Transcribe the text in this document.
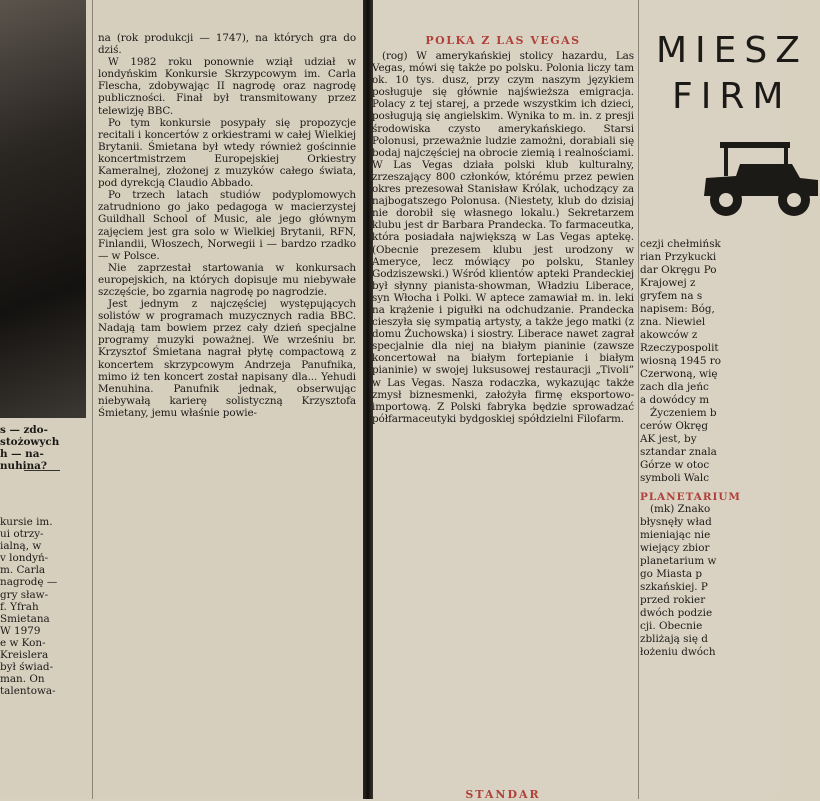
s — zdo-
stożowych
h — na-
nuhina?
kursie im.
ui otrzy-
ialną, w
v londyń-
m. Carla
nagrodę —
gry sław-
f. Yfrah
Smietana
W 1979
e w Kon-
Kreislera
był świad-
man. On
talentowa-

na (rok produkcji — 1747), na których gra do dziś.

W 1982 roku ponownie wziął udział w londyńskim Konkursie Skrzypcowym im. Carla Flescha, zdobywając II nagrodę oraz nagrodę publiczności. Finał był transmitowany przez telewizję BBC.

Po tym konkursie posypały się propozycje recitali i koncertów z orkiestrami w całej Wielkiej Brytanii. Śmietana był wtedy również gościnnie koncertmistrzem Europejskiej Orkiestry Kameralnej, złożonej z muzyków całego świata, pod dyrekcją Claudio Abbado.

Po trzech latach studiów podyplomowych zatrudniono go jako pedagoga w macierzystej Guildhall School of Music, ale jego głównym zajęciem jest gra solo w Wielkiej Brytanii, RFN, Finlandii, Włoszech, Norwegii i — bardzo rzadko — w Polsce.

Nie zaprzestał startowania w konkursach europejskich, na których dopisuje mu niebywałe szczęście, bo zgarnia nagrodę po nagrodzie.

Jest jednym z najczęściej występujących solistów w programach muzycznych radia BBC. Nadają tam bowiem przez cały dzień specjalne programy muzyki poważnej. We wrześniu br. Krzysztof Śmietana nagrał płytę compactową z koncertem skrzypcowym Andrzeja Panufnika, mimo iż ten koncert został napisany dla... Yehudi Menuhina. Panufnik jednak, obserwując niebywałą karierę solistyczną Krzysztofa Śmietany, jemu właśnie powie-

POLKA Z LAS VEGAS

(rog) W amerykańskiej stolicy hazardu, Las Vegas, mówi się także po polsku. Polonia liczy tam ok. 10 tys. dusz, przy czym naszym językiem posługuje się głównie najświeższa emigracja. Polacy z tej starej, a przede wszystkim ich dzieci, posługują się angielskim. Wynika to m. in. z presji środowiska czysto amerykańskiego. Starsi Polonusi, przeważnie ludzie zamożni, dorabiali się bodaj najczęściej na obrocie ziemią i realnościami. W Las Vegas działa polski klub kulturalny, zrzeszający 800 członków, którému przez pewien okres prezesował Stanisław Królak, uchodzący za najbogatszego Polonusa. (Niestety, klub do dzisiaj nie dorobił się własnego lokalu.) Sekretarzem klubu jest dr Barbara Prandecka. To farmaceutka, która posiadała największą w Las Vegas aptekę. (Obecnie prezesem klubu jest urodzony w Ameryce, lecz mówiący po polsku, Stanley Godziszewski.) Wśród klientów apteki Prandeckiej był słynny pianista-showman, Władziu Liberace, syn Włocha i Polki. W aptece zamawiał m. in. leki na krążenie i pigułki na odchudzanie. Prandecka cieszyła się sympatią artysty, a także jego matki (z domu Żuchowska) i siostry. Liberace nawet zagrał specjalnie dla niej na białym pianinie (zawsze koncertował na białym fortepianie i białym pianinie) w swojej luksusowej restauracji „Tivoli” w Las Vegas. Nasza rodaczka, wykazując także zmysł biznesmenki, założyła firmę eksportowo-importową. Z Polski fabryka będzie sprowadzać półfarmaceutyki bydgoskiej spółdzielni Filofarm.

STANDAR
MIESZ
FIRM
cezji chełmińsk
rian Przykucki
dar Okręgu Po
Krajowej z
gryfem na s
napisem: Bóg,
zna. Niewiel
akowców z
Rzeczypospolit
wiosną 1945 ro
Czerwoną, wię
zach dla jeńc
a dowódcy m
Życzeniem b
cerów Okręg
AK jest, by
sztandar znala
Górze w otoc
symboli Walc
PLANETARIUM
(mk) Znako
błysnęły wład
mieniając nie
wiejący zbior
planetarium w
go Miasta p
szkańskiej. P
przed rokier
dwóch podzie
cji. Obecnie
zbliżają się d
łożeniu dwóch
